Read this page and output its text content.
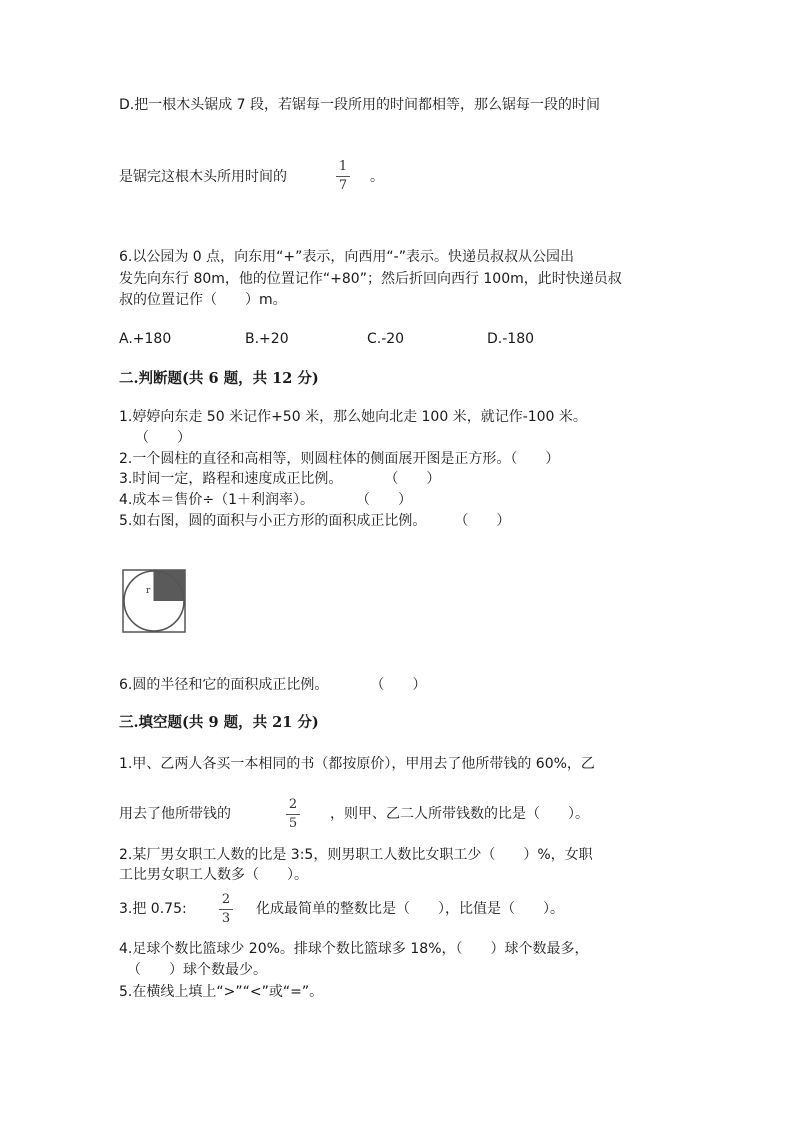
D.把一根木头锯成 7 段，若锯每一段所用的时间都相等，那么锯每一段的时间
是锯完这根木头所用时间的
1
7
。
6.以公园为 0 点，向东用“+”表示，向西用“-”表示。快递员叔叔从公园出
发先向东行 80m，他的位置记作“+80”；然后折回向西行 100m，此时快递员叔
叔的位置记作（　　）m。
A.+180	B.+20	C.-20	D.-180
二.判断题(共 6 题，共 12 分)
1.婷婷向东走 50 米记作+50 米，那么她向北走 100 米，就记作-100 米。
（　　）
2.一个圆柱的直径和高相等，则圆柱体的侧面展开图是正方形。（　　）
3.时间一定，路程和速度成正比例。　　　　（　　）
4.成本＝售价÷（1＋利润率）。　　　　（　　）
5.如右图，圆的面积与小正方形的面积成正比例。　　　（　　）
r
6.圆的半径和它的面积成正比例。　　　　（　　）
三.填空题(共 9 题，共 21 分)
1.甲、乙两人各买一本相同的书（都按原价），甲用去了他所带钱的 60%，乙
用去了他所带钱的
2
5
，则甲、乙二人所带钱数的比是（　　）。
2.某厂男女职工人数的比是 3:5，则男职工人数比女职工少（　　）%，女职
工比男女职工人数多（　　）。
3.把 0.75:
2
3
化成最简单的整数比是（　　），比值是（　　）。
4.足球个数比篮球少 20%。排球个数比篮球多 18%，（　　）球个数最多，
（　　）球个数最少。
5.在横线上填上“>”“<”或“=”。
